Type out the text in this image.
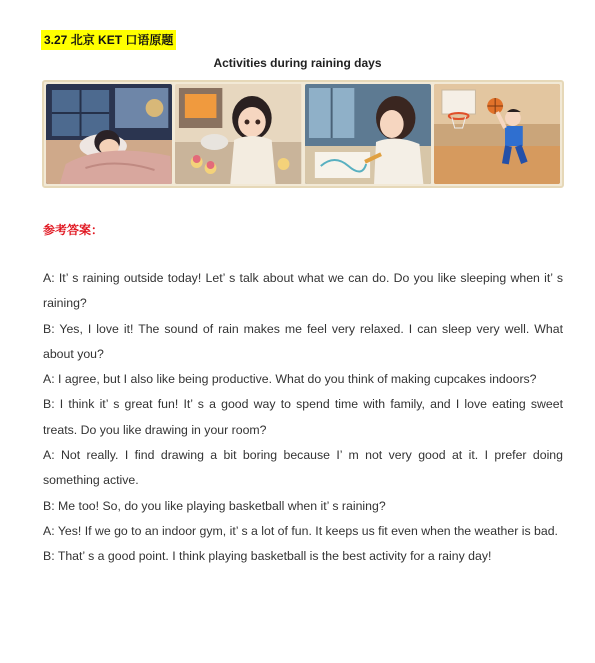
3.27 北京 KET 口语原题
Activities during raining days
参考答案：

A: It’ s raining outside today! Let’ s talk about what we can do. Do you like sleeping when it’ s raining?

B: Yes, I love it! The sound of rain makes me feel very relaxed. I can sleep very well. What about you?

A: I agree, but I also like being productive. What do you think of making cupcakes indoors?

B: I think it’ s great fun! It’ s a good way to spend time with family, and I love eating sweet treats. Do you like drawing in your room?

A: Not really. I find drawing a bit boring because I’ m not very good at it. I prefer doing something active.

B: Me too! So, do you like playing basketball when it’ s raining?

A: Yes! If we go to an indoor gym, it’ s a lot of fun. It keeps us fit even when the weather is bad.

B: That’ s a good point. I think playing basketball is the best activity for a rainy day!
